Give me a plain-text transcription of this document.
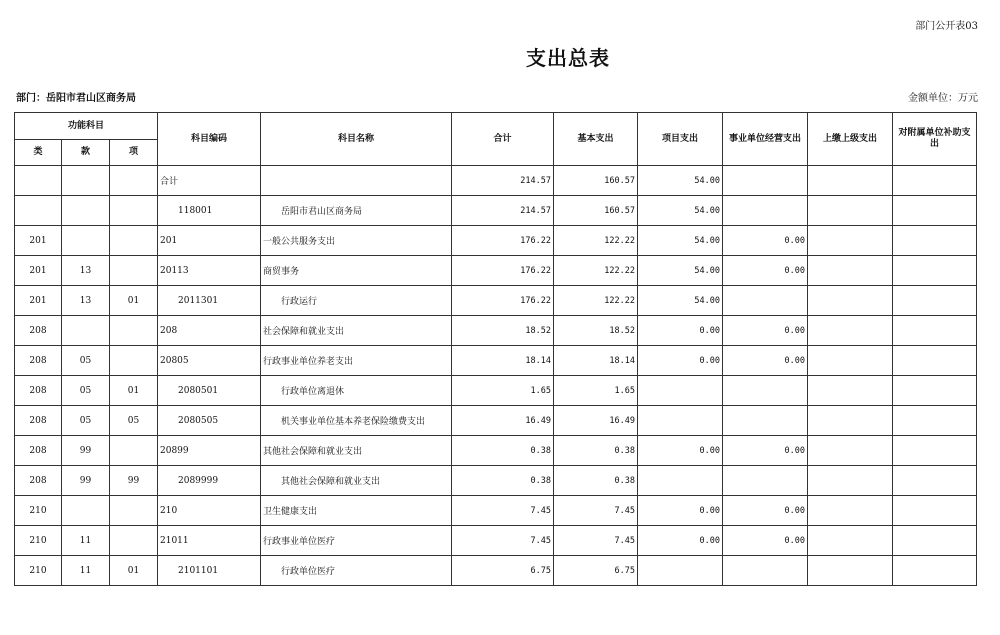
部门公开表03
支出总表
部门：岳阳市君山区商务局	金额单位：万元
功能科目			科目编码	科目名称	合计	基本支出	项目支出	事业单位经营支出	上缴上级支出	对附属单位补助支出
类	款	项								
			合计		214.57	160.57	54.00			
			118001	岳阳市君山区商务局	214.57	160.57	54.00			
201			201	一般公共服务支出	176.22	122.22	54.00	0.00		
201	13		20113	商贸事务	176.22	122.22	54.00	0.00		
201	13	01	2011301	行政运行	176.22	122.22	54.00			
208			208	社会保障和就业支出	18.52	18.52	0.00	0.00		
208	05		20805	行政事业单位养老支出	18.14	18.14	0.00	0.00		
208	05	01	2080501	行政单位离退休	1.65	1.65				
208	05	05	2080505	机关事业单位基本养老保险缴费支出	16.49	16.49				
208	99		20899	其他社会保障和就业支出	0.38	0.38	0.00	0.00		
208	99	99	2089999	其他社会保障和就业支出	0.38	0.38				
210			210	卫生健康支出	7.45	7.45	0.00	0.00		
210	11		21011	行政事业单位医疗	7.45	7.45	0.00	0.00		
210	11	01	2101101	行政单位医疗	6.75	6.75				
